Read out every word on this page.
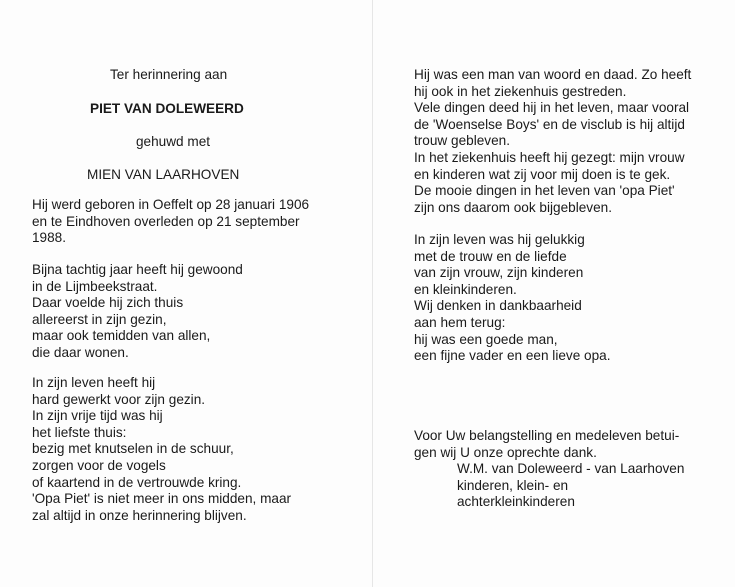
Ter herinnering aan
PIET VAN DOLEWEERD
gehuwd met
MIEN VAN LAARHOVEN
Hij werd geboren in Oeffelt op 28 januari 1906
en te Eindhoven overleden op 21 september
1988.
Bijna tachtig jaar heeft hij gewoond
in de Lijmbeekstraat.
Daar voelde hij zich thuis
allereerst in zijn gezin,
maar ook temidden van allen,
die daar wonen.
In zijn leven heeft hij
hard gewerkt voor zijn gezin.
In zijn vrije tijd was hij
het liefste thuis:
bezig met knutselen in de schuur,
zorgen voor de vogels
of kaartend in de vertrouwde kring.
'Opa Piet' is niet meer in ons midden, maar
zal altijd in onze herinnering blijven.
Hij was een man van woord en daad. Zo heeft
hij ook in het ziekenhuis gestreden.
Vele dingen deed hij in het leven, maar vooral
de 'Woenselse Boys' en de visclub is hij altijd
trouw gebleven.
In het ziekenhuis heeft hij gezegt: mijn vrouw
en kinderen wat zij voor mij doen is te gek.
De mooie dingen in het leven van 'opa Piet'
zijn ons daarom ook bijgebleven.
In zijn leven was hij gelukkig
met de trouw en de liefde
van zijn vrouw, zijn kinderen
en kleinkinderen.
Wij denken in dankbaarheid
aan hem terug:
hij was een goede man,
een fijne vader en een lieve opa.
Voor Uw belangstelling en medeleven betui-
gen wij U onze oprechte dank.
W.M. van Doleweerd - van Laarhoven
kinderen, klein- en
achterkleinkinderen
